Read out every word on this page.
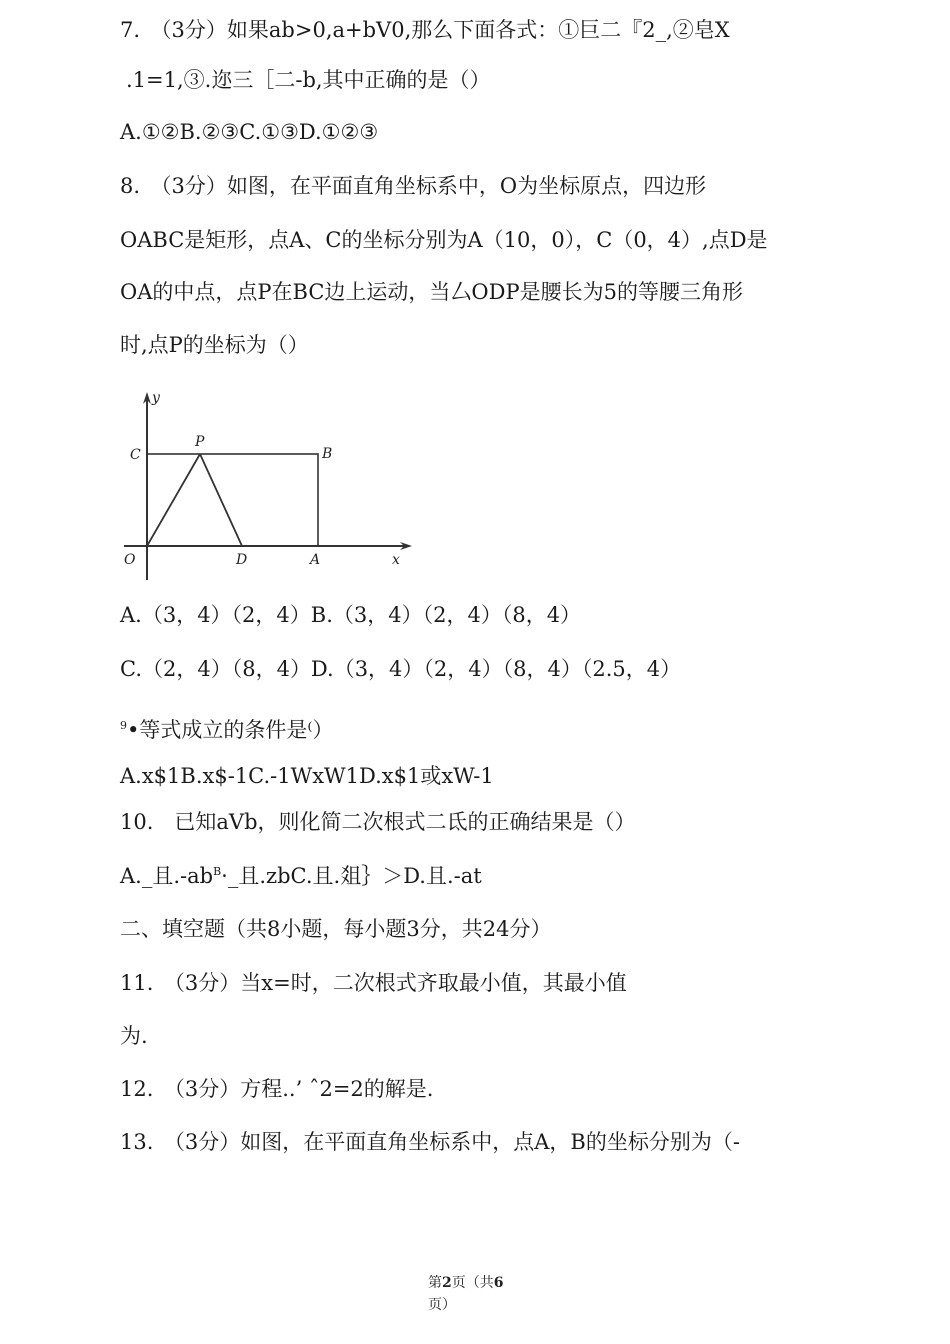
7.　（3分）如果ab>0,a+bV0,那么下面各式：①巨二『2_,②皂X
.1=1,③.迩三［二-b,其中正确的是（）
A.①②B.②③C.①③D.①②③
8.　（3分）如图，在平面直角坐标系中，O为坐标原点，四边形
OABC是矩形，点A、C的坐标分别为A（10，0），C（0，4）,点D是
OA的中点，点P在BC边上运动，当厶ODP是腰长为5的等腰三角形
时,点P的坐标为（）
y
x
C
P
B
O	D	A
A.（3，4）（2，4）B.（3，4）（2，4）（8，4）
C.（2，4）（8，4）D.（3，4）（2，4）（8，4）（2.5，4）
$^9$•等式成立的条件是⁽）
A.x$1B.x$-1C.-1WxW1D.x$1或xW-1
10.　已知aVb，则化简二次根式二氐的正确结果是（）
A._且$.-ab^B\cdot\_$且.zbC.且.爼｝＞D.且.-at
二、填空题（共8小题，每小题3分，共24分）
11.　（3分）当x=时，二次根式齐取最小值，其最小值
为.
12.　（3分）方程..’ ˆ2=2的解是.
13.　（3分）如图，在平面直角坐标系中，点A，B的坐标分别为（-
第2页（共6
页）
